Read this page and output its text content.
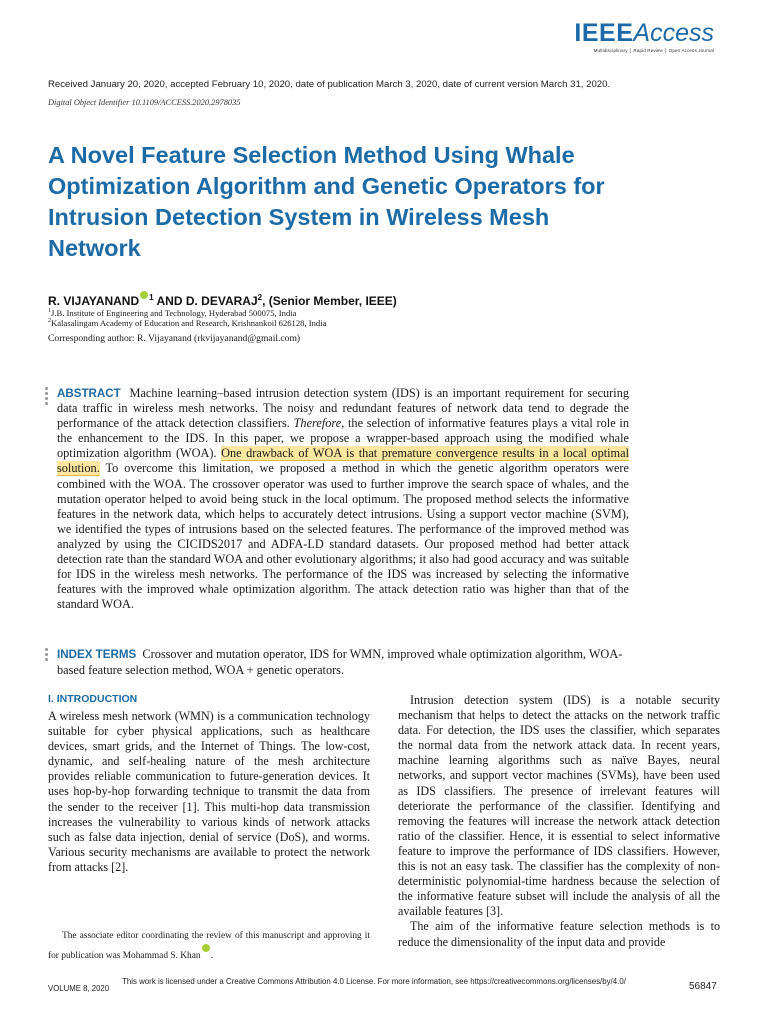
IEEEAccess
Multidisciplinary │ Rapid Review │ Open Access Journal
Received January 20, 2020, accepted February 10, 2020, date of publication March 3, 2020, date of current version March 31, 2020.
Digital Object Identifier 10.1109/ACCESS.2020.2978035
A Novel Feature Selection Method Using Whale Optimization Algorithm and Genetic Operators for Intrusion Detection System in Wireless Mesh Network
R. VIJAYANAND $^1$ AND D. DEVARAJ$^2$, (Senior Member, IEEE)
$^1$J.B. Institute of Engineering and Technology, Hyderabad 500075, India
$^2$Kalasalingam Academy of Education and Research, Krishnankoil 626128, India
Corresponding author: R. Vijayanand (rkvijayanand@gmail.com)
ABSTRACT Machine learning–based intrusion detection system (IDS) is an important requirement for securing data traffic in wireless mesh networks. The noisy and redundant features of network data tend to degrade the performance of the attack detection classifiers. Therefore, the selection of informative features plays a vital role in the enhancement to the IDS. In this paper, we propose a wrapper-based approach using the modified whale optimization algorithm (WOA). One drawback of WOA is that premature convergence results in a local optimal solution. To overcome this limitation, we proposed a method in which the genetic algorithm operators were combined with the WOA. The crossover operator was used to further improve the search space of whales, and the mutation operator helped to avoid being stuck in the local optimum. The proposed method selects the informative features in the network data, which helps to accurately detect intrusions. Using a support vector machine (SVM), we identified the types of intrusions based on the selected features. The performance of the improved method was analyzed by using the CICIDS2017 and ADFA-LD standard datasets. Our proposed method had better attack detection rate than the standard WOA and other evolutionary algorithms; it also had good accuracy and was suitable for IDS in the wireless mesh networks. The performance of the IDS was increased by selecting the informative features with the improved whale optimization algorithm. The attack detection ratio was higher than that of the standard WOA.
INDEX TERMS Crossover and mutation operator, IDS for WMN, improved whale optimization algorithm, WOA-based feature selection method, WOA + genetic operators.
I. INTRODUCTION

A wireless mesh network (WMN) is a communication technology suitable for cyber physical applications, such as healthcare devices, smart grids, and the Internet of Things. The low-cost, dynamic, and self-healing nature of the mesh architecture provides reliable communication to future-generation devices. It uses hop-by-hop forwarding technique to transmit the data from the sender to the receiver [1]. This multi-hop data transmission increases the vulnerability to various kinds of network attacks such as false data injection, denial of service (DoS), and worms. Various security mechanisms are available to protect the network from attacks [2].

Intrusion detection system (IDS) is a notable security mechanism that helps to detect the attacks on the network traffic data. For detection, the IDS uses the classifier, which separates the normal data from the network attack data. In recent years, machine learning algorithms such as naïve Bayes, neural networks, and support vector machines (SVMs), have been used as IDS classifiers. The presence of irrelevant features will deteriorate the performance of the classifier. Identifying and removing the features will increase the network attack detection ratio of the classifier. Hence, it is essential to select informative feature to improve the performance of IDS classifiers. However, this is not an easy task. The classifier has the complexity of non-deterministic polynomial-time hardness because the selection of the informative feature subset will include the analysis of all the available features [3].

The aim of the informative feature selection methods is to reduce the dimensionality of the input data and provide

The associate editor coordinating the review of this manuscript and approving it for publication was Mohammad S. Khan .
VOLUME 8, 2020
This work is licensed under a Creative Commons Attribution 4.0 License. For more information, see https://creativecommons.org/licenses/by/4.0/	56847
